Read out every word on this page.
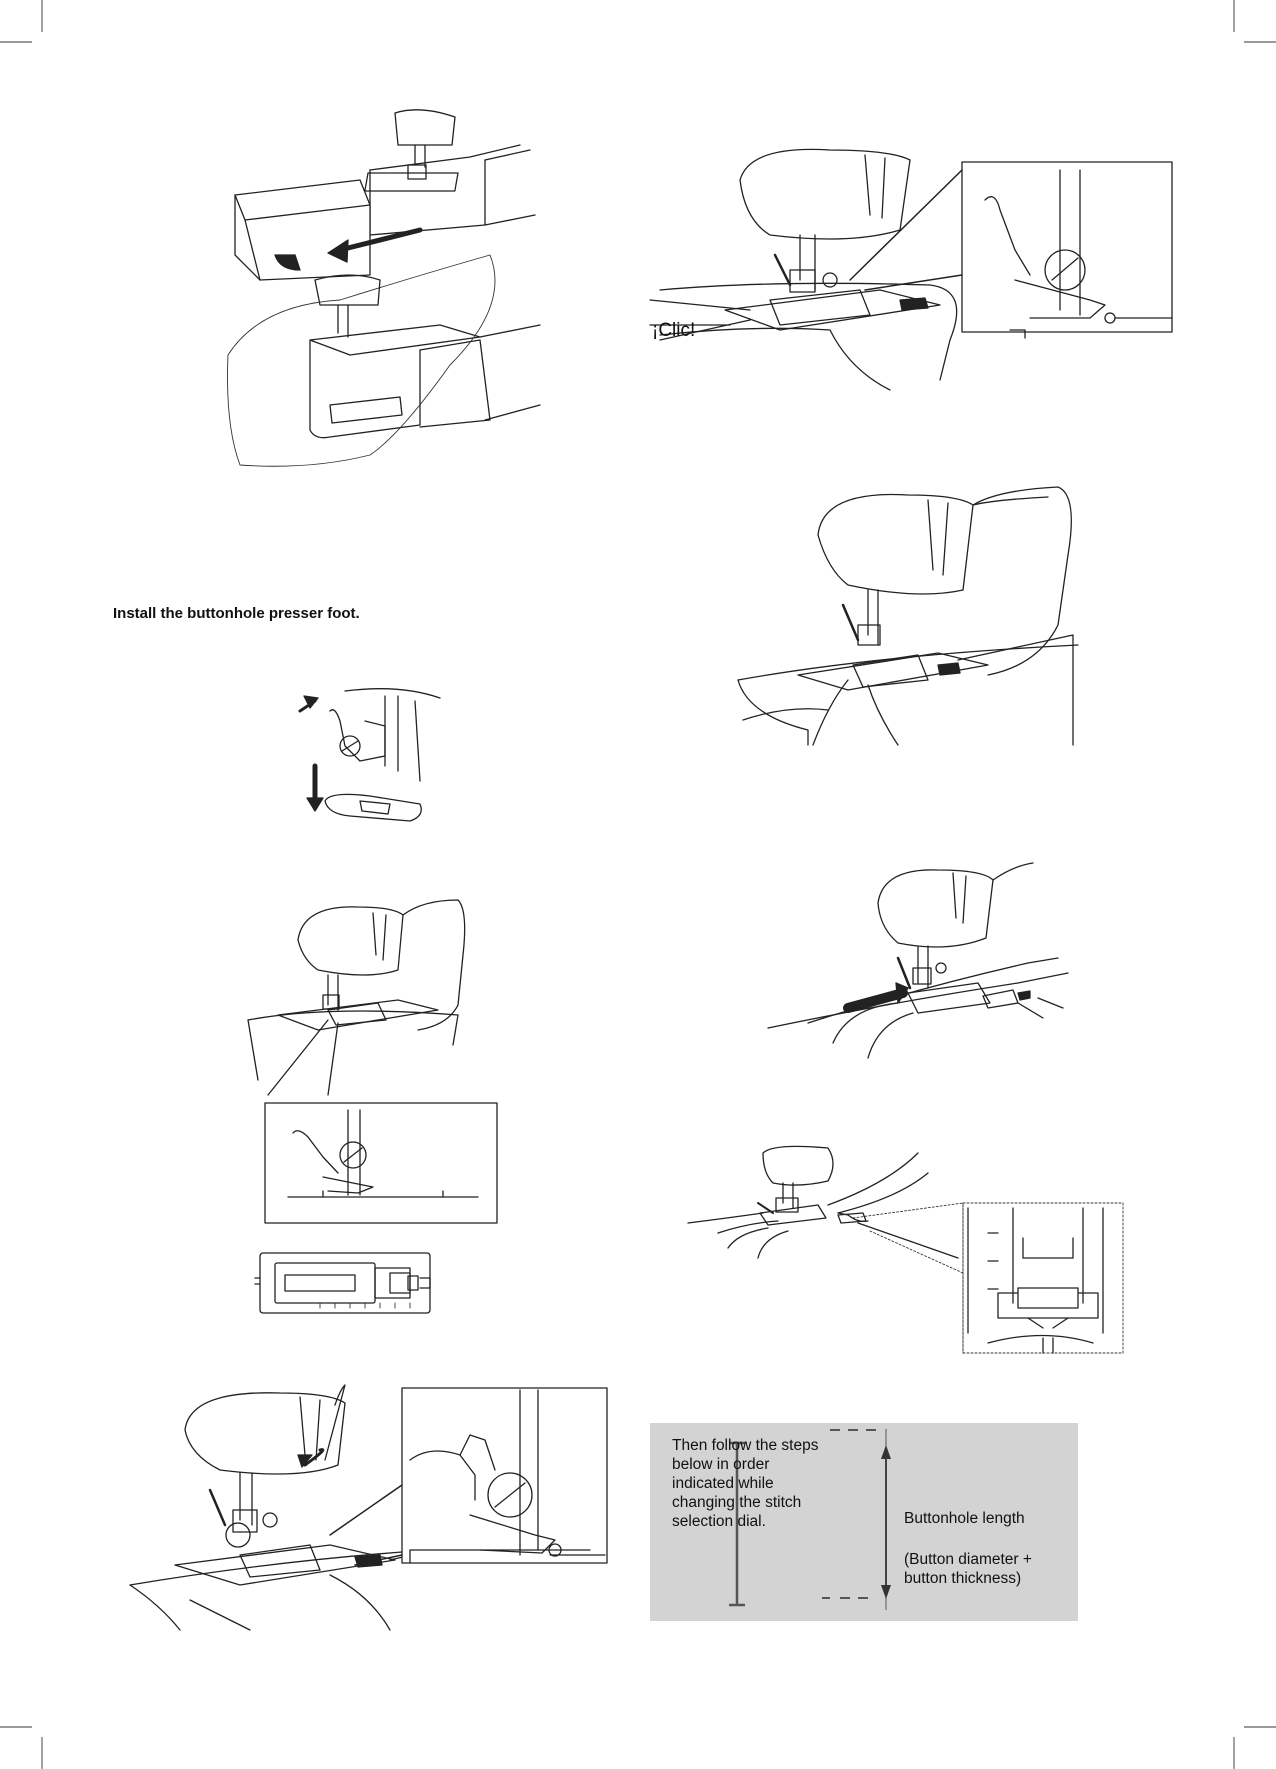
¡Clic!
Install the buttonhole presser foot.
Then follow the steps below in order indicated while changing the stitch selection dial.	Buttonhole length
(Button diameter + button thickness)
